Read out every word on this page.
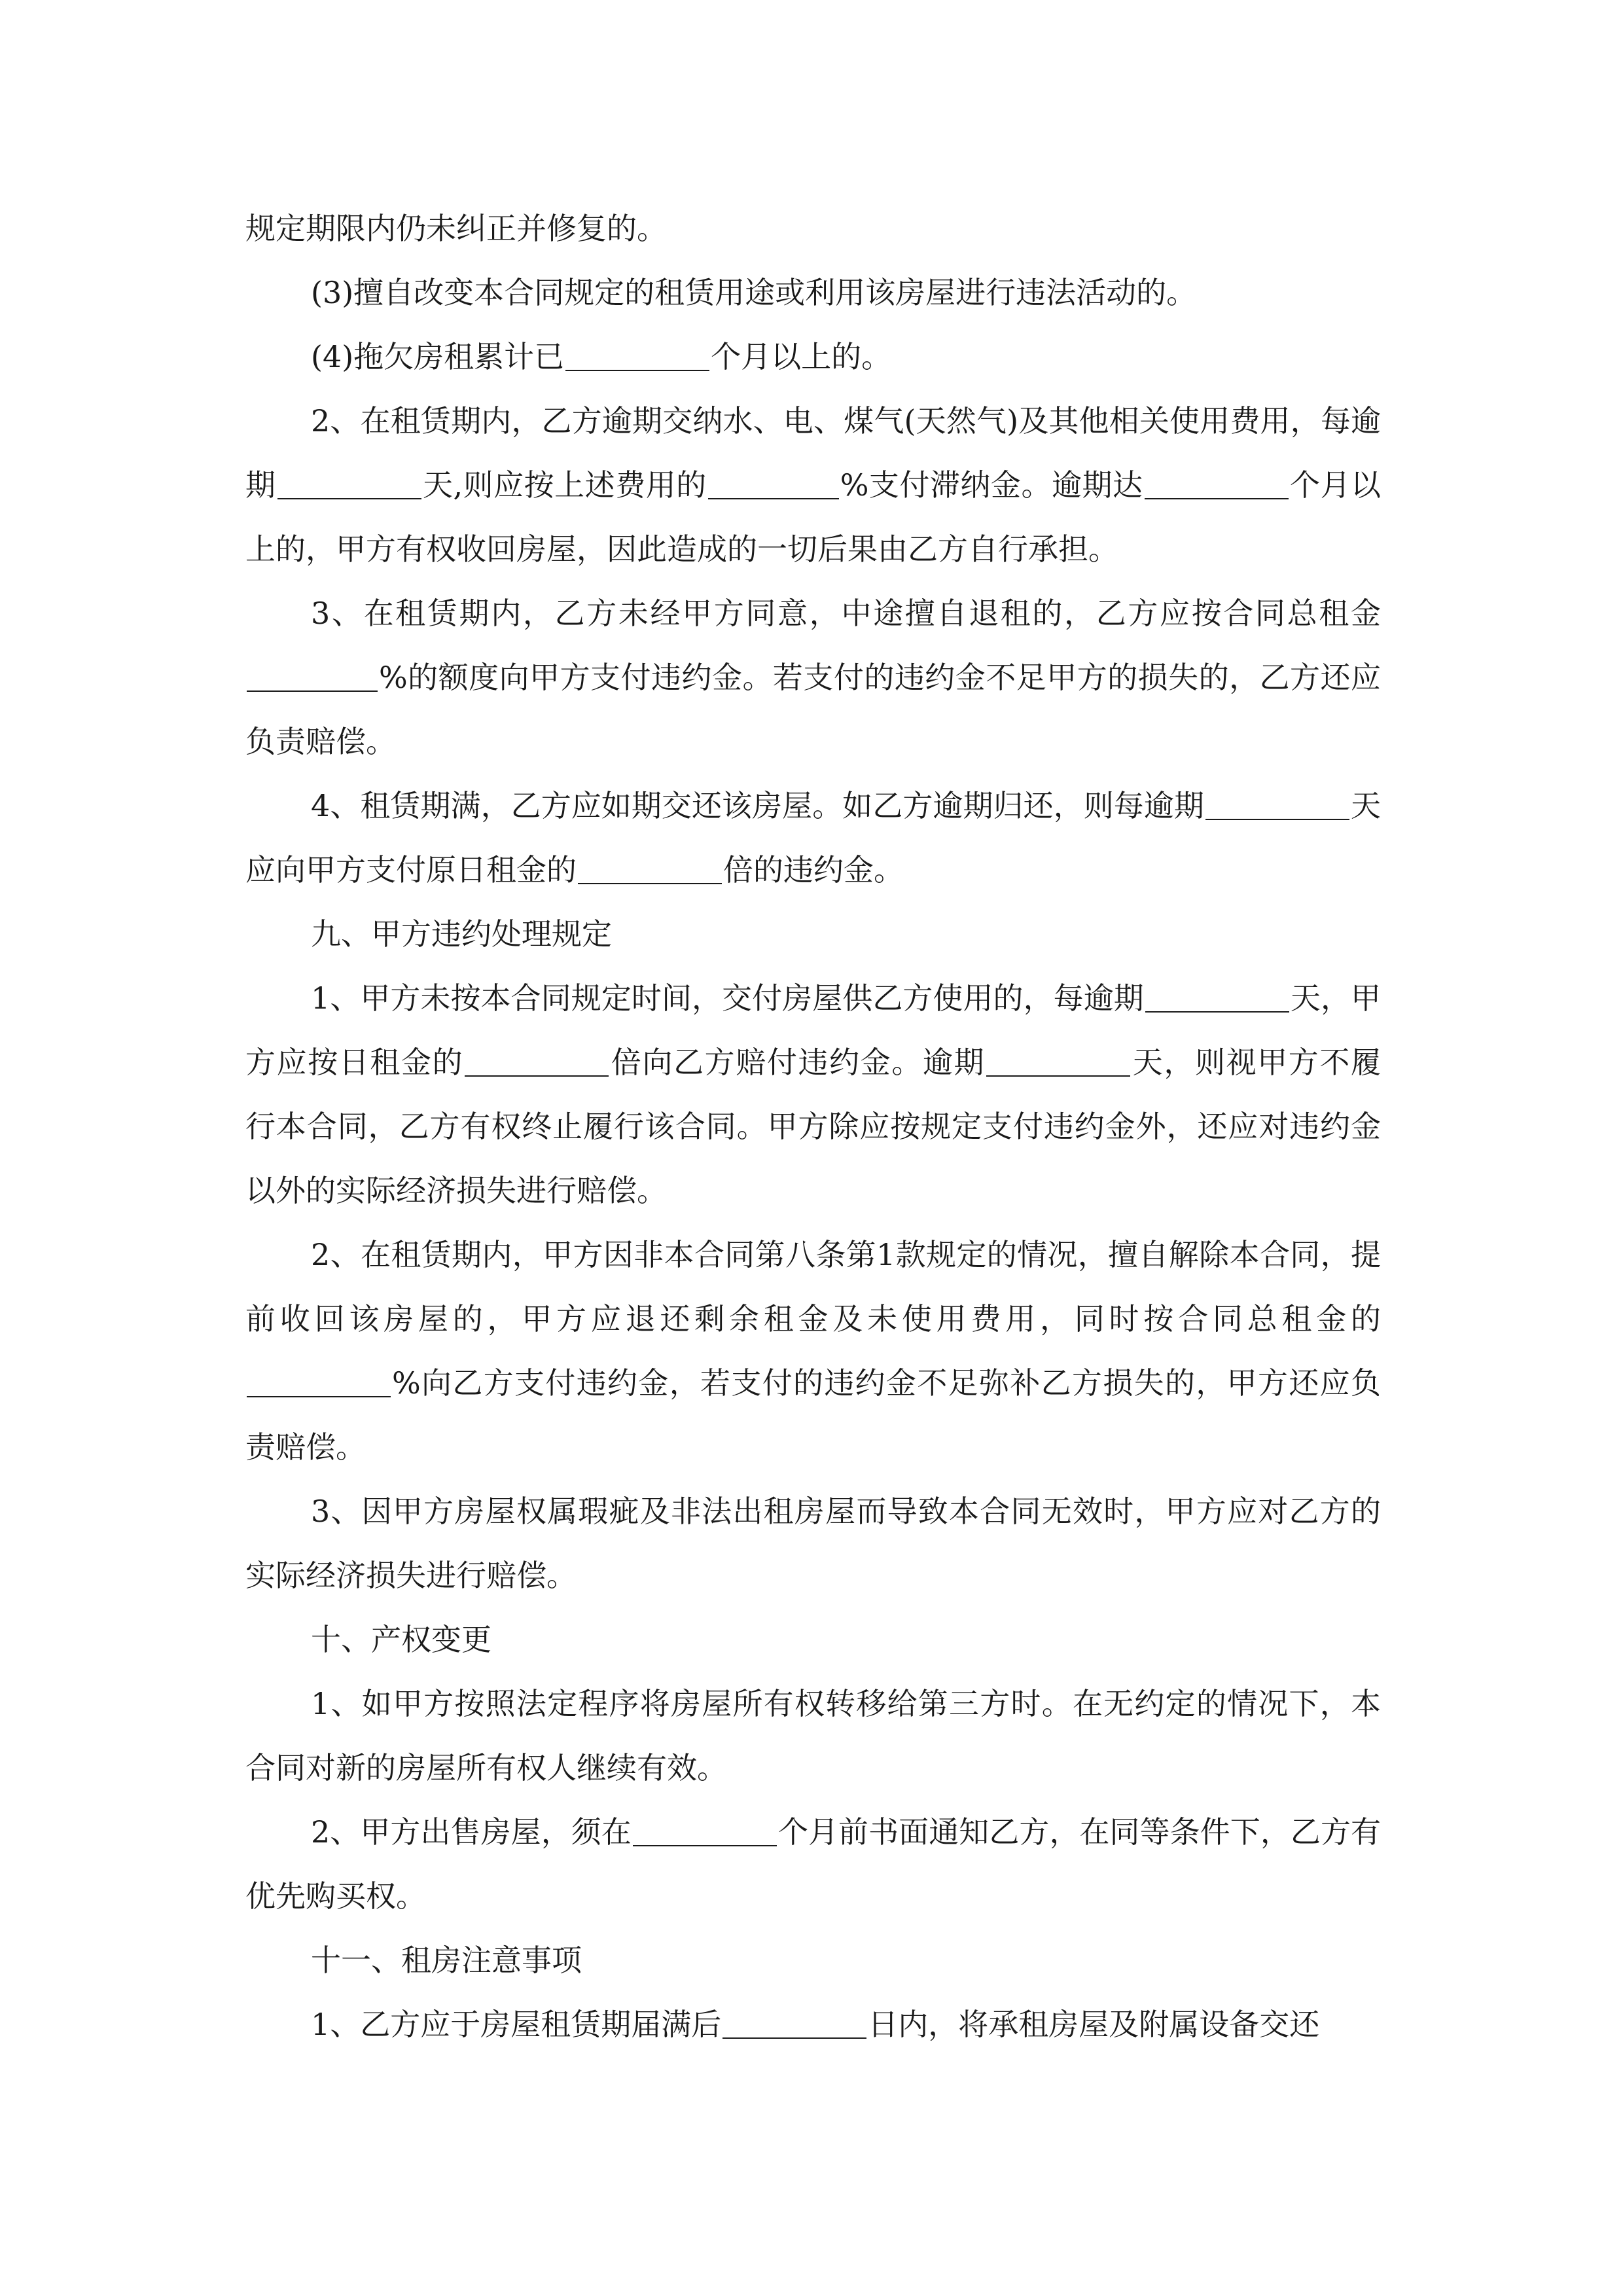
规定期限内仍未纠正并修复的。

(3)擅自改变本合同规定的租赁用途或利用该房屋进行违法活动的。

(4)拖欠房租累计已	个月以上的。

2、在租赁期内，乙方逾期交纳水、电、煤气(天然气)及其他相关使用费用，每逾期	天,则应按上述费用的	%支付滞纳金。逾期达	个月以上的，甲方有权收回房屋，因此造成的一切后果由乙方自行承担。

3、在租赁期内，乙方未经甲方同意，中途擅自退租的，乙方应按合同总租金%的额度向甲方支付违约金。若支付的违约金不足甲方的损失的，乙方还应负责赔偿。

4、租赁期满，乙方应如期交还该房屋。如乙方逾期归还，则每逾期	天应向甲方支付原日租金的	倍的违约金。

九、甲方违约处理规定

1、甲方未按本合同规定时间，交付房屋供乙方使用的，每逾期	天，甲方应按日租金的	倍向乙方赔付违约金。逾期	天，则视甲方不履行本合同，乙方有权终止履行该合同。甲方除应按规定支付违约金外，还应对违约金以外的实际经济损失进行赔偿。

2、在租赁期内，甲方因非本合同第八条第1款规定的情况，擅自解除本合同，提前收回该房屋的，甲方应退还剩余租金及未使用费用，同时按合同总租金的%向乙方支付违约金，若支付的违约金不足弥补乙方损失的，甲方还应负责赔偿。

3、因甲方房屋权属瑕疵及非法出租房屋而导致本合同无效时，甲方应对乙方的实际经济损失进行赔偿。

十、产权变更

1、如甲方按照法定程序将房屋所有权转移给第三方时。在无约定的情况下，本合同对新的房屋所有权人继续有效。

2、甲方出售房屋，须在	个月前书面通知乙方，在同等条件下，乙方有优先购买权。

十一、租房注意事项

1、乙方应于房屋租赁期届满后	日内，将承租房屋及附属设备交还
